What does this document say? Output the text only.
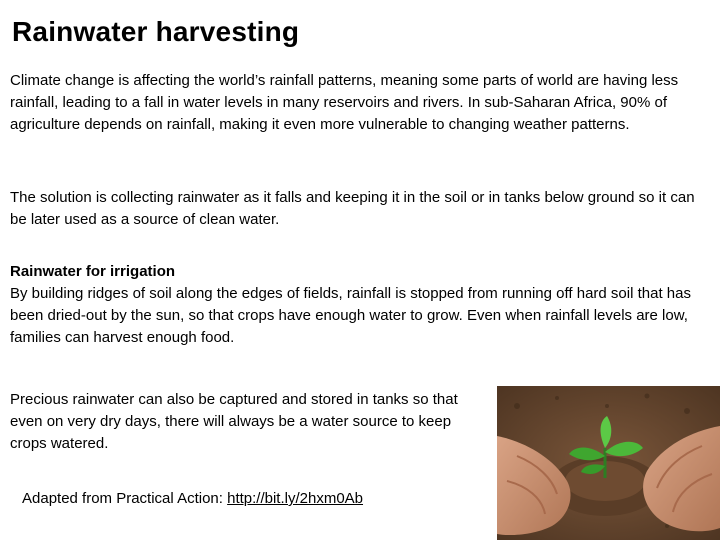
Rainwater harvesting

Climate change is affecting the world’s rainfall patterns, meaning some parts of world are having less rainfall, leading to a fall in water levels in many reservoirs and rivers. In sub-Saharan Africa, 90% of agriculture depends on rainfall, making it even more vulnerable to changing weather patterns.

The solution is collecting rainwater as it falls and keeping it in the soil or in tanks below ground so it can be later used as a source of clean water.

Rainwater for irrigation

By building ridges of soil along the edges of fields, rainfall is stopped from running off hard soil that has been dried-out by the sun, so that crops have enough water to grow. Even when rainfall levels are low, families can harvest enough food.

Precious rainwater can also be captured and stored in tanks so that even on very dry days, there will always be a water source to keep crops watered.

Adapted from Practical Action: http://bit.ly/2hxm0Ab
